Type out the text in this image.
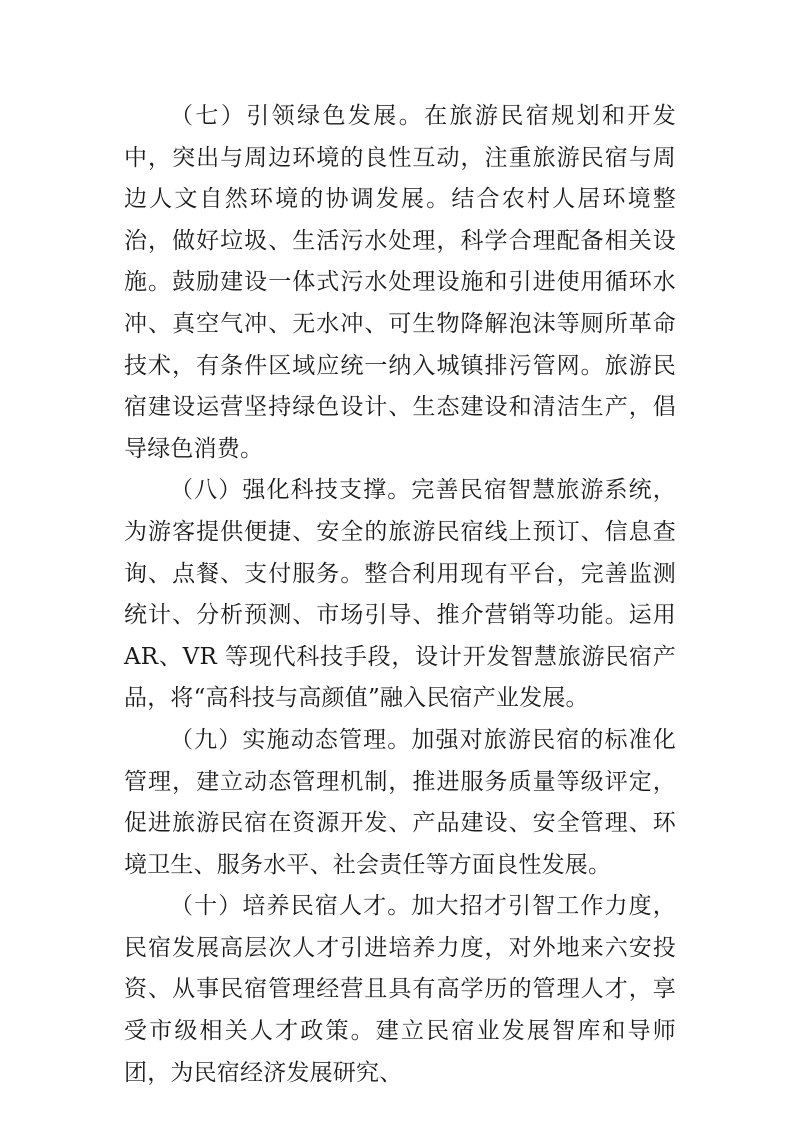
（七）引领绿色发展。在旅游民宿规划和开发中，突出与周边环境的良性互动，注重旅游民宿与周边人文自然环境的协调发展。结合农村人居环境整治，做好垃圾、生活污水处理，科学合理配备相关设施。鼓励建设一体式污水处理设施和引进使用循环水冲、真空气冲、无水冲、可生物降解泡沫等厕所革命技术，有条件区域应统一纳入城镇排污管网。旅游民宿建设运营坚持绿色设计、生态建设和清洁生产，倡导绿色消费。

（八）强化科技支撑。完善民宿智慧旅游系统，为游客提供便捷、安全的旅游民宿线上预订、信息查询、点餐、支付服务。整合利用现有平台，完善监测统计、分析预测、市场引导、推介营销等功能。运用 AR、VR 等现代科技手段，设计开发智慧旅游民宿产品，将“高科技与高颜值”融入民宿产业发展。

（九）实施动态管理。加强对旅游民宿的标准化管理，建立动态管理机制，推进服务质量等级评定，促进旅游民宿在资源开发、产品建设、安全管理、环境卫生、服务水平、社会责任等方面良性发展。

（十）培养民宿人才。加大招才引智工作力度，民宿发展高层次人才引进培养力度，对外地来六安投资、从事民宿管理经营且具有高学历的管理人才，享受市级相关人才政策。建立民宿业发展智库和导师团，为民宿经济发展研究、
